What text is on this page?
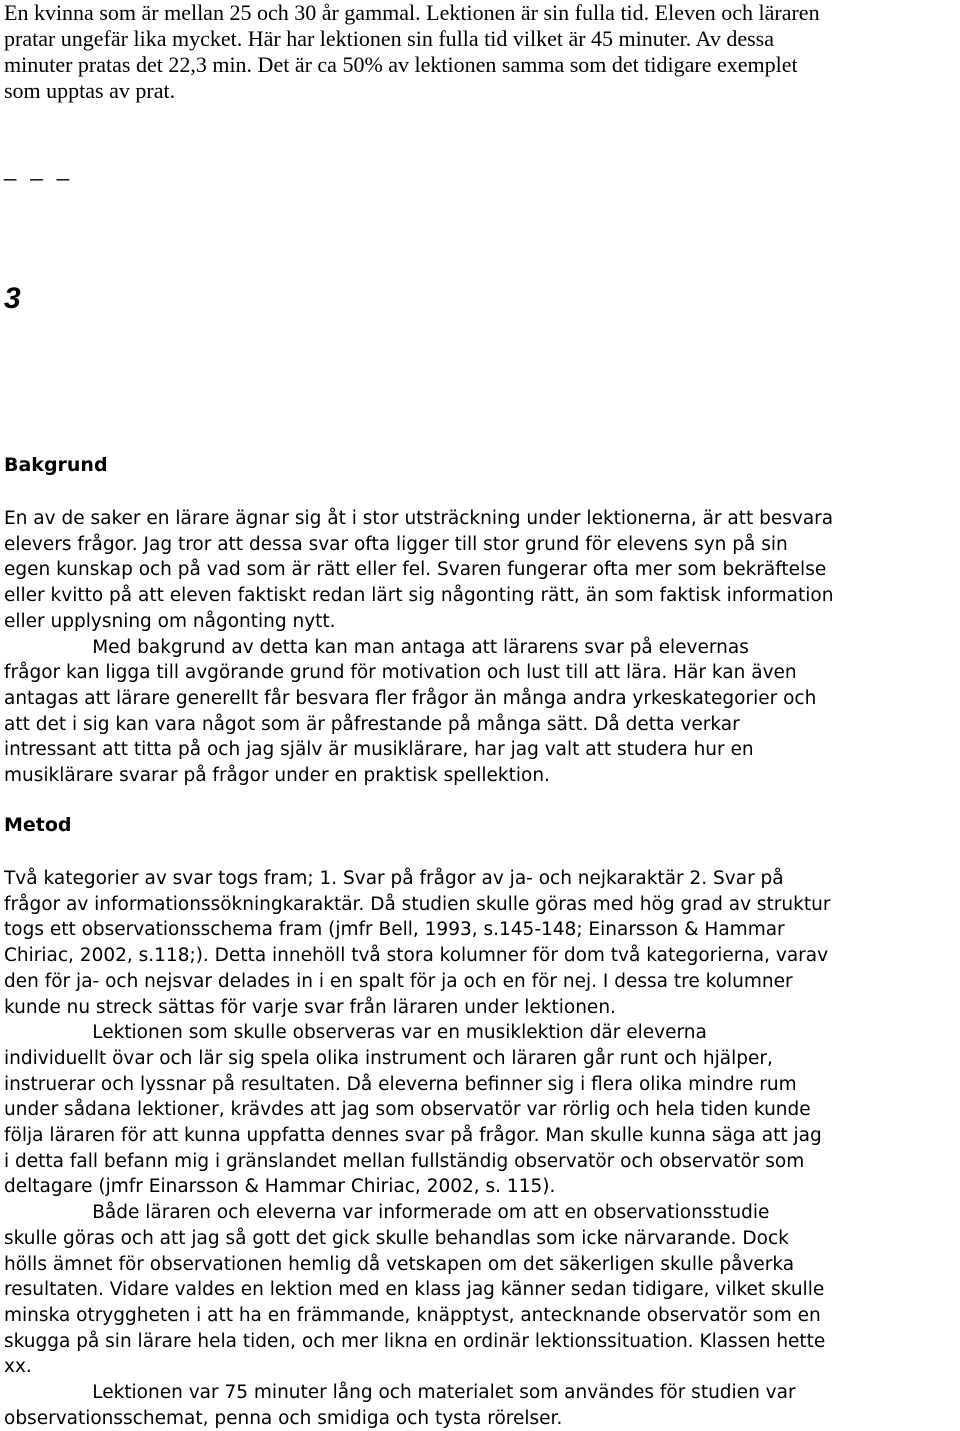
En kvinna som är mellan 25 och 30 år gammal. Lektionen är sin fulla tid. Eleven och läraren
pratar ungefär lika mycket. Här har lektionen sin fulla tid vilket är 45 minuter. Av dessa
minuter pratas det 22,3 min. Det är ca 50% av lektionen samma som det tidigare exemplet
som upptas av prat.
_ _ _
3
Bakgrund
En av de saker en lärare ägnar sig åt i stor utsträckning under lektionerna, är att besvara
elevers frågor. Jag tror att dessa svar ofta ligger till stor grund för elevens syn på sin
egen kunskap och på vad som är rätt eller fel. Svaren fungerar ofta mer som bekräftelse
eller kvitto på att eleven faktiskt redan lärt sig någonting rätt, än som faktisk information
eller upplysning om någonting nytt.
Med bakgrund av detta kan man antaga att lärarens svar på elevernas
frågor kan ligga till avgörande grund för motivation och lust till att lära. Här kan även
antagas att lärare generellt får besvara fler frågor än många andra yrkeskategorier och
att det i sig kan vara något som är påfrestande på många sätt. Då detta verkar
intressant att titta på och jag själv är musiklärare, har jag valt att studera hur en
musiklärare svarar på frågor under en praktisk spellektion.
Metod
Två kategorier av svar togs fram; 1. Svar på frågor av ja- och nejkaraktär 2. Svar på
frågor av informationssökningkaraktär. Då studien skulle göras med hög grad av struktur
togs ett observationsschema fram (jmfr Bell, 1993, s.145-148; Einarsson & Hammar
Chiriac, 2002, s.118;). Detta innehöll två stora kolumner för dom två kategorierna, varav
den för ja- och nejsvar delades in i en spalt för ja och en för nej. I dessa tre kolumner
kunde nu streck sättas för varje svar från läraren under lektionen.
Lektionen som skulle observeras var en musiklektion där eleverna
individuellt övar och lär sig spela olika instrument och läraren går runt och hjälper,
instruerar och lyssnar på resultaten. Då eleverna befinner sig i flera olika mindre rum
under sådana lektioner, krävdes att jag som observatör var rörlig och hela tiden kunde
följa läraren för att kunna uppfatta dennes svar på frågor. Man skulle kunna säga att jag
i detta fall befann mig i gränslandet mellan fullständig observatör och observatör som
deltagare (jmfr Einarsson & Hammar Chiriac, 2002, s. 115).
Både läraren och eleverna var informerade om att en observationsstudie
skulle göras och att jag så gott det gick skulle behandlas som icke närvarande. Dock
hölls ämnet för observationen hemlig då vetskapen om det säkerligen skulle påverka
resultaten. Vidare valdes en lektion med en klass jag känner sedan tidigare, vilket skulle
minska otryggheten i att ha en främmande, knäpptyst, antecknande observatör som en
skugga på sin lärare hela tiden, och mer likna en ordinär lektionssituation. Klassen hette
xx.
Lektionen var 75 minuter lång och materialet som användes för studien var
observationsschemat, penna och smidiga och tysta rörelser.
